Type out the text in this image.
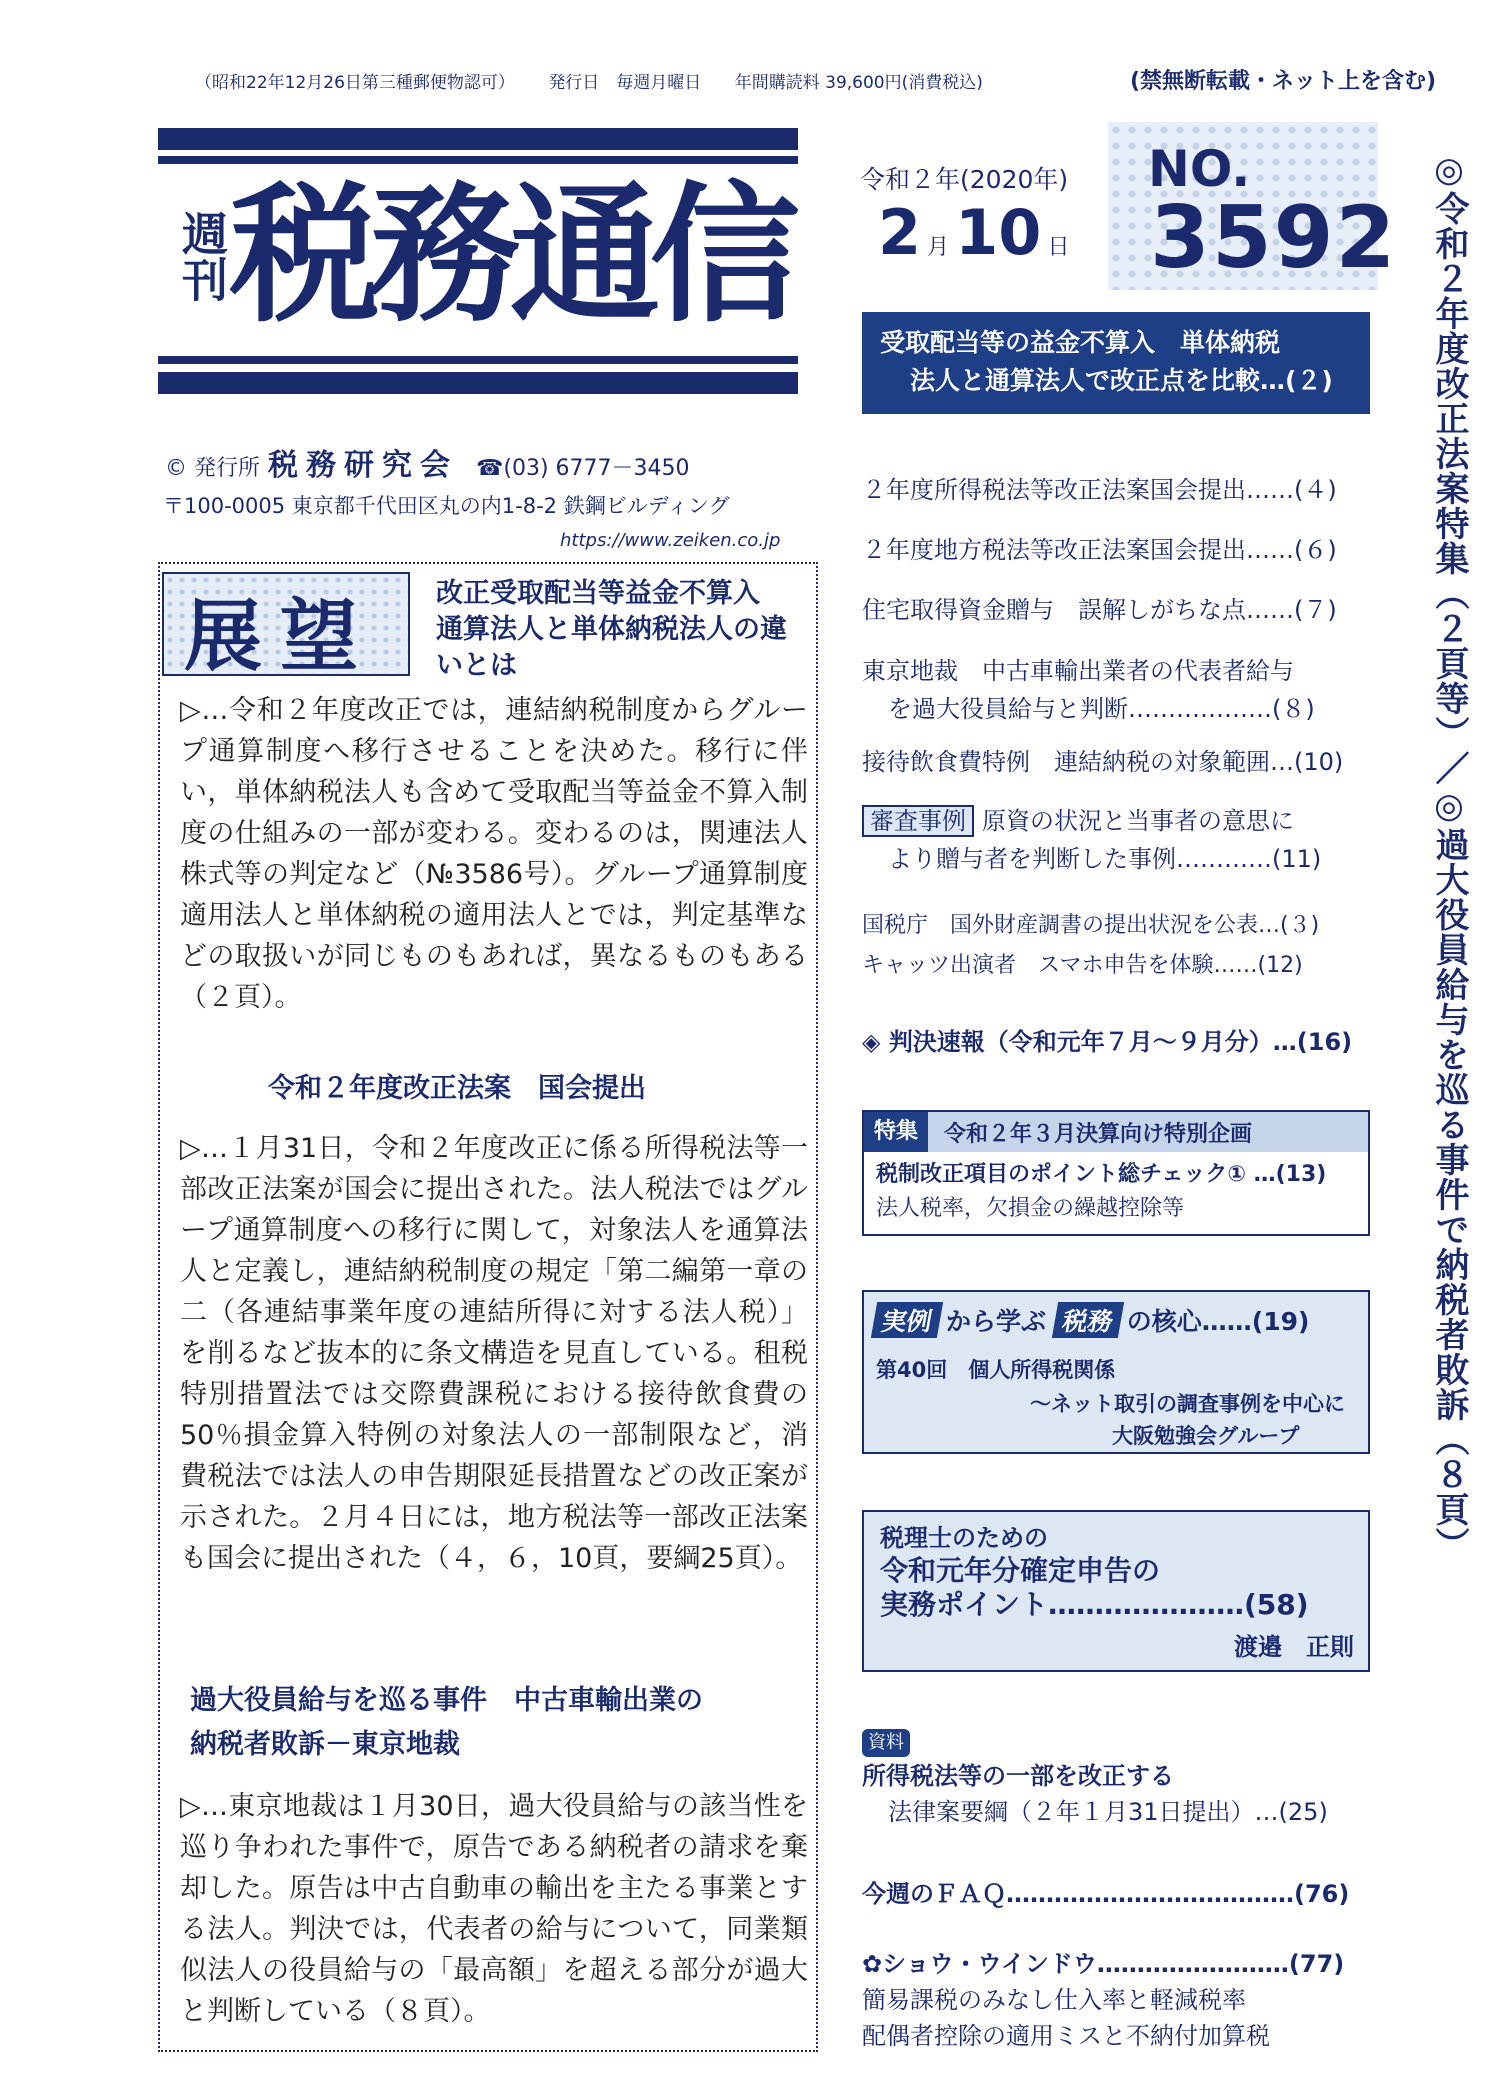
（昭和22年12月26日第三種郵便物認可） 発行日　毎週月曜日 年間購読料 39,600円(消費税込)	(禁無断転載・ネット上を含む)
週刊 税務通信
© 発行所 税務研究会 ☎(03) 6777－3450
〒100-0005 東京都千代田区丸の内1-8-2 鉄鋼ビルディング
https://www.zeiken.co.jp
令和２年(2020年)
2 月10 日
NO.
3592 ◎令和２年度改正法案特集（２頁等）／◎過大役員給与を巡る事件で納税者敗訴（８頁）
受取配当等の益金不算入　単体納税
法人と通算法人で改正点を比較…(２)
２年度所得税法等改正法案国会提出……(４)
２年度地方税法等改正法案国会提出……(６)
住宅取得資金贈与　誤解しがちな点……(７)
東京地裁　中古車輸出業者の代表者給与
を過大役員給与と判断………………(８)
接待飲食費特例　連結納税の対象範囲…(10)
審査事例 原資の状況と当事者の意思に
より贈与者を判断した事例…………(11)
国税庁　国外財産調書の提出状況を公表…(３)
キャッツ出演者　スマホ申告を体験……(12)
◈ 判決速報（令和元年７月～９月分）…(16)
特集	令和２年３月決算向け特別企画
税制改正項目のポイント総チェック① …(13)
法人税率，欠損金の繰越控除等
実例 から学ぶ 税務 の核心……(19)
第40回　個人所得税関係
～ネット取引の調査事例を中心に
大阪勉強会グループ
税理士のための
令和元年分確定申告の
実務ポイント…………………(58)
渡邉　正則
資料
所得税法等の一部を改正する
法律案要綱（２年１月31日提出）…(25)
今週のＦＡＱ………………………………(76)
✿ショウ・ウインドウ……………………(77)
簡易課税のみなし仕入率と軽減税率
配偶者控除の適用ミスと不納付加算税
展望 改正受取配当等益金不算入　通算法人と単体納税法人の違いとは
▷…令和２年度改正では，連結納税制度からグループ通算制度へ移行させることを決めた。移行に伴い，単体納税法人も含めて受取配当等益金不算入制度の仕組みの一部が変わる。変わるのは，関連法人株式等の判定など（№3586号）。グループ通算制度適用法人と単体納税の適用法人とでは，判定基準などの取扱いが同じものもあれば，異なるものもある（２頁）。
令和２年度改正法案　国会提出
▷…１月31日，令和２年度改正に係る所得税法等一部改正法案が国会に提出された。法人税法ではグループ通算制度への移行に関して，対象法人を通算法人と定義し，連結納税制度の規定「第二編第一章の二（各連結事業年度の連結所得に対する法人税）」を削るなど抜本的に条文構造を見直している。租税特別措置法では交際費課税における接待飲食費の50％損金算入特例の対象法人の一部制限など，消費税法では法人の申告期限延長措置などの改正案が示された。２月４日には，地方税法等一部改正法案も国会に提出された（４，６，10頁，要綱25頁）。
過大役員給与を巡る事件　中古車輸出業の
納税者敗訴－東京地裁
▷…東京地裁は１月30日，過大役員給与の該当性を巡り争われた事件で，原告である納税者の請求を棄却した。原告は中古自動車の輸出を主たる事業とする法人。判決では，代表者の給与について，同業類似法人の役員給与の「最高額」を超える部分が過大と判断している（８頁）。
